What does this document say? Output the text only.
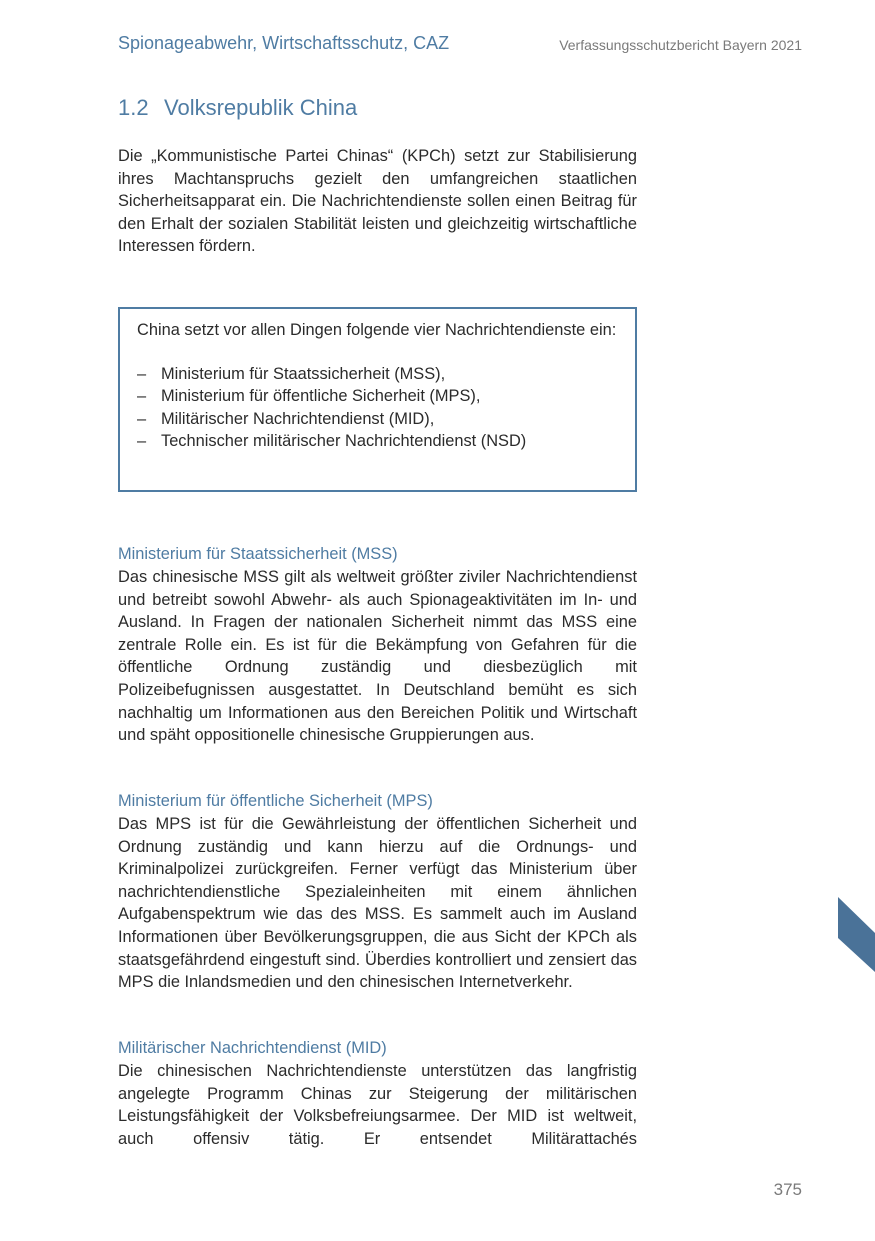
Spionageabwehr, Wirtschaftsschutz, CAZ	Verfassungsschutzbericht Bayern 2021
1.2 Volksrepublik China

Die „Kommunistische Partei Chinas“ (KPCh) setzt zur Stabilisierung ihres Machtanspruchs gezielt den umfangreichen staatlichen Sicherheitsapparat ein. Die Nachrichtendienste sollen einen Beitrag für den Erhalt der sozialen Stabilität leisten und gleichzeitig wirtschaftliche Interessen fördern.

China setzt vor allen Dingen folgende vier Nachrichtendienste ein:

– Ministerium für Staatssicherheit (MSS),
– Ministerium für öffentliche Sicherheit (MPS),
– Militärischer Nachrichtendienst (MID),
– Technischer militärischer Nachrichtendienst (NSD)
Ministerium für Staatssicherheit (MSS)

Das chinesische MSS gilt als weltweit größter ziviler Nachrichtendienst und betreibt sowohl Abwehr- als auch Spionageaktivitäten im In- und Ausland. In Fragen der nationalen Sicherheit nimmt das MSS eine zentrale Rolle ein. Es ist für die Bekämpfung von Gefahren für die öffentliche Ordnung zuständig und diesbezüglich mit Polizeibefugnissen ausgestattet. In Deutschland bemüht es sich nachhaltig um Informationen aus den Bereichen Politik und Wirtschaft und späht oppositionelle chinesische Gruppierungen aus.

Ministerium für öffentliche Sicherheit (MPS)

Das MPS ist für die Gewährleistung der öffentlichen Sicherheit und Ordnung zuständig und kann hierzu auf die Ordnungs- und Kriminalpolizei zurückgreifen. Ferner verfügt das Ministerium über nachrichtendienstliche Spezialeinheiten mit einem ähnlichen Aufgabenspektrum wie das des MSS. Es sammelt auch im Ausland Informationen über Bevölkerungsgruppen, die aus Sicht der KPCh als staatsgefährdend eingestuft sind. Überdies kontrolliert und zensiert das MPS die Inlandsmedien und den chinesischen Internetverkehr.

Militärischer Nachrichtendienst (MID)

Die chinesischen Nachrichtendienste unterstützen das langfristig angelegte Programm Chinas zur Steigerung der militärischen Leistungsfähigkeit der Volksbefreiungsarmee. Der MID ist weltweit, auch offensiv tätig. Er entsendet Militärattachés

375
